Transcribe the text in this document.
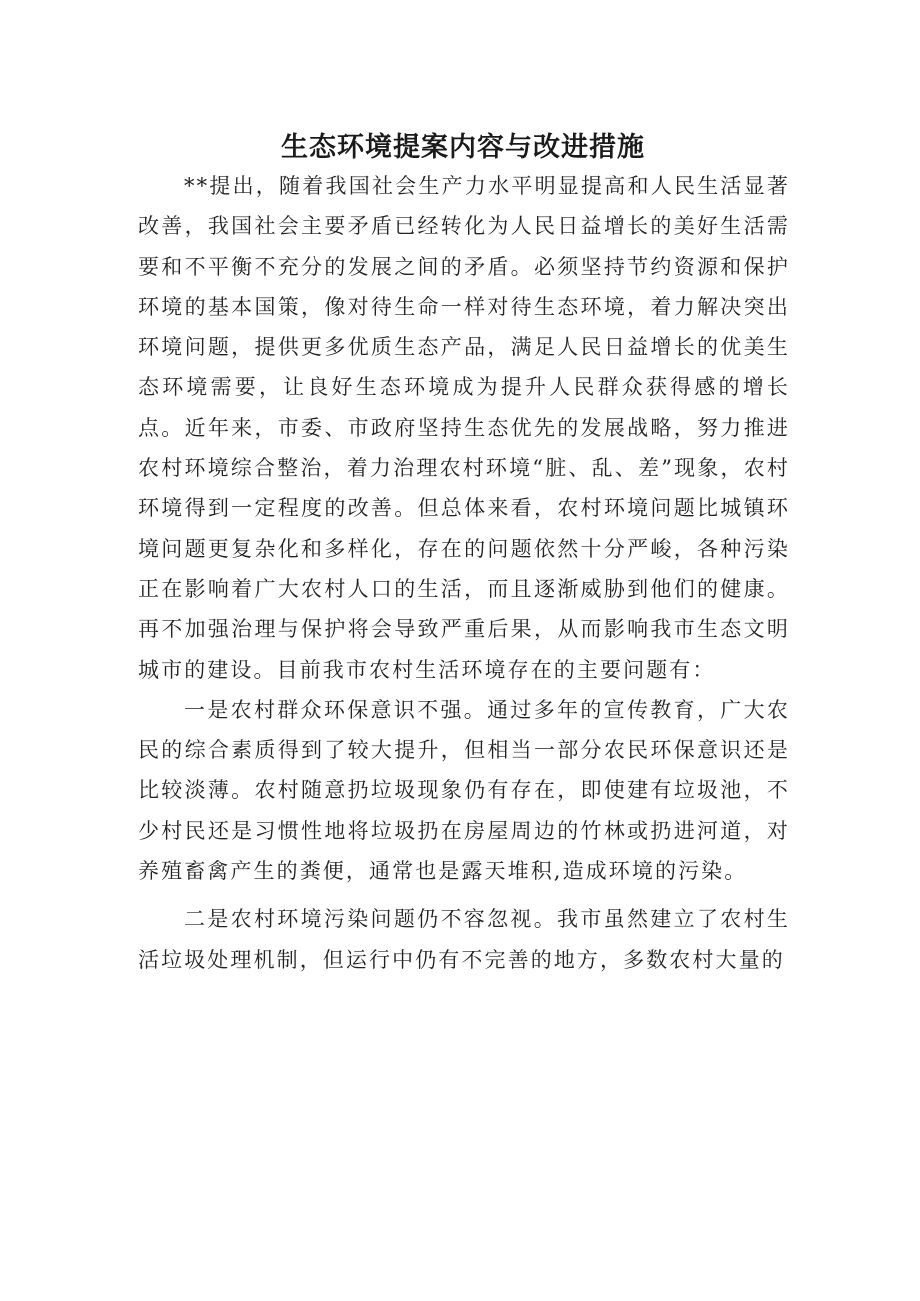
生态环境提案内容与改进措施

**提出，随着我国社会生产力水平明显提高和人民生活显著改善，我国社会主要矛盾已经转化为人民日益增长的美好生活需要和不平衡不充分的发展之间的矛盾。必须坚持节约资源和保护环境的基本国策，像对待生命一样对待生态环境，着力解决突出环境问题，提供更多优质生态产品，满足人民日益增长的优美生态环境需要，让良好生态环境成为提升人民群众获得感的增长点。近年来，市委、市政府坚持生态优先的发展战略，努力推进农村环境综合整治，着力治理农村环境“脏、乱、差”现象，农村环境得到一定程度的改善。但总体来看，农村环境问题比城镇环境问题更复杂化和多样化，存在的问题依然十分严峻，各种污染正在影响着广大农村人口的生活，而且逐渐威胁到他们的健康。再不加强治理与保护将会导致严重后果，从而影响我市生态文明城市的建设。目前我市农村生活环境存在的主要问题有：

一是农村群众环保意识不强。通过多年的宣传教育，广大农民的综合素质得到了较大提升，但相当一部分农民环保意识还是比较淡薄。农村随意扔垃圾现象仍有存在，即使建有垃圾池，不少村民还是习惯性地将垃圾扔在房屋周边的竹林或扔进河道，对养殖畜禽产生的粪便，通常也是露天堆积,造成环境的污染。

二是农村环境污染问题仍不容忽视。我市虽然建立了农村生活垃圾处理机制，但运行中仍有不完善的地方，多数农村大量的
